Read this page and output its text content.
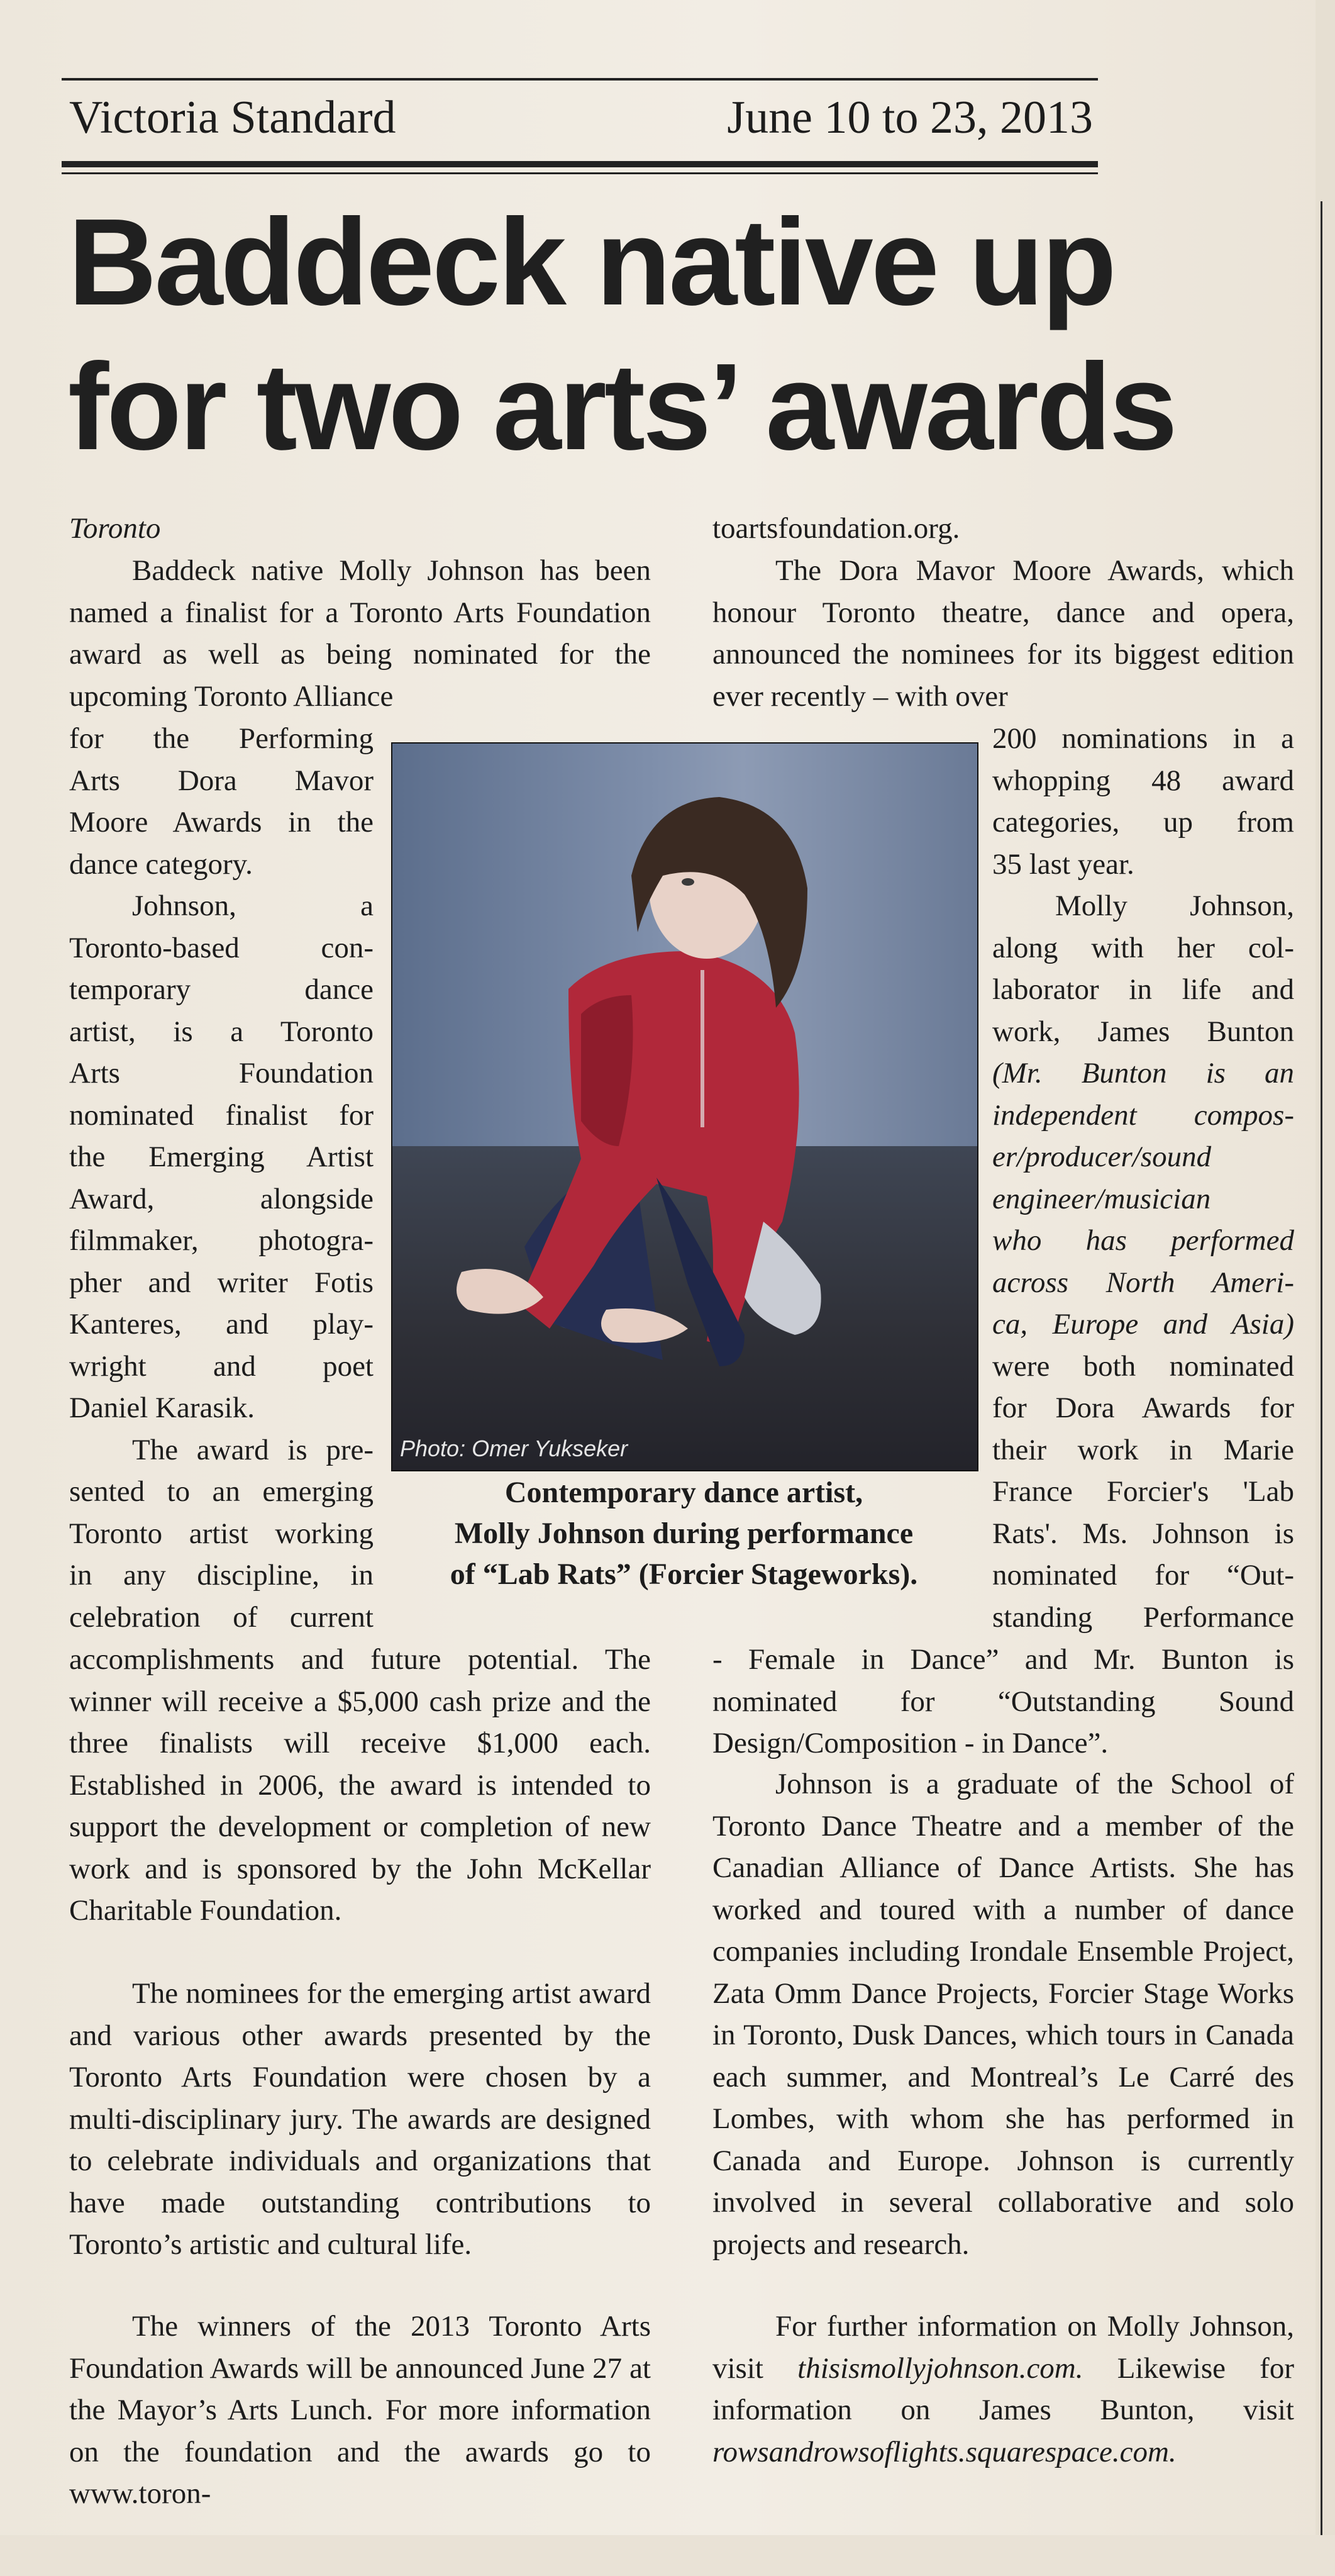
Victoria Standard	June 10 to 23, 2013
Baddeck native up
for two arts’ awards
Toronto

Baddeck native Molly Johnson has been named a finalist for a Toronto Arts Foundation award as well as being nominated for the upcoming Toronto Alliance

for the Performing
Arts Dora Mavor
Moore Awards in the
dance category.
Johnson, a
Toronto-based con-
temporary dance
artist, is a Toronto
Arts Foundation
nominated finalist for
the Emerging Artist
Award, alongside
filmmaker, photogra-
pher and writer Fotis
Kanteres, and play-
wright and poet
Daniel Karasik.
The award is pre-
sented to an emerging
Toronto artist working
in any discipline, in
celebration of current

accomplishments and future potential. The winner will receive a $5,000 cash prize and the three finalists will receive $1,000 each. Established in 2006, the award is intended to support the development or completion of new work and is sponsored by the John McKellar Charitable Foundation.

The nominees for the emerging artist award and various other awards presented by the Toronto Arts Foundation were chosen by a multi-disciplinary jury. The awards are designed to celebrate individuals and organizations that have made outstanding contributions to Toronto’s artistic and cultural life.

The winners of the 2013 Toronto Arts Foundation Awards will be announced June 27 at the Mayor’s Arts Lunch. For more information on the foundation and the awards go to www.toron-

Photo: Omer Yukseker
Contemporary dance artist,
Molly Johnson during performance
of “Lab Rats” (Forcier Stageworks).
toartsfoundation.org.

The Dora Mavor Moore Awards, which honour Toronto theatre, dance and opera, announced the nominees for its biggest edition ever recently – with over

200 nominations in a
whopping 48 award
categories, up from
35 last year.
Molly Johnson,
along with her col-
laborator in life and
work, James Bunton
(Mr. Bunton is an
independent compos-
er/producer/sound
engineer/musician
who has performed
across North Ameri-
ca, Europe and Asia)
were both nominated
for Dora Awards for
their work in Marie
France Forcier's 'Lab
Rats'. Ms. Johnson is
nominated for “Out-
standing Performance

- Female in Dance” and Mr. Bunton is nominated for “Outstanding Sound Design/Composition - in Dance”.

Johnson is a graduate of the School of Toronto Dance Theatre and a member of the Canadian Alliance of Dance Artists. She has worked and toured with a number of dance companies including Irondale Ensemble Project, Zata Omm Dance Projects, Forcier Stage Works in Toronto, Dusk Dances, which tours in Canada each summer, and Montreal’s Le Carré des Lombes, with whom she has performed in Canada and Europe. Johnson is currently involved in several collaborative and solo projects and research.

For further information on Molly Johnson, visit thisismollyjohnson.com. Likewise for information on James Bunton, visit rowsandrowsoflights.squarespace.com.
